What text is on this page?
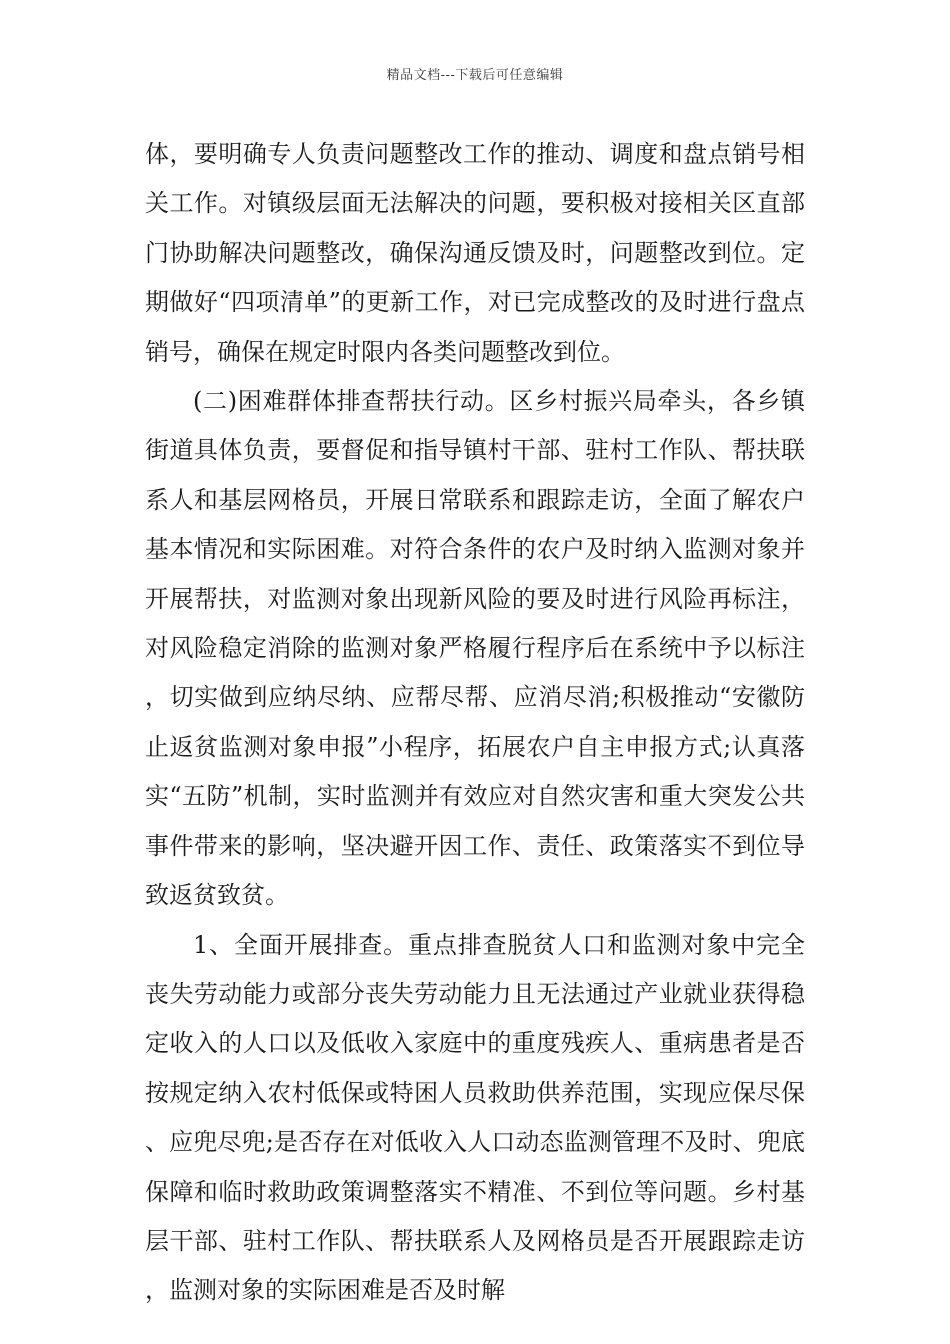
精品文档---下载后可任意编辑

体，要明确专人负责问题整改工作的推动、调度和盘点销号相关工作。对镇级层面无法解决的问题，要积极对接相关区直部门协助解决问题整改，确保沟通反馈及时，问题整改到位。定期做好“四项清单”的更新工作，对已完成整改的及时进行盘点销号，确保在规定时限内各类问题整改到位。

(二)困难群体排查帮扶行动。区乡村振兴局牵头，各乡镇街道具体负责，要督促和指导镇村干部、驻村工作队、帮扶联系人和基层网格员，开展日常联系和跟踪走访，全面了解农户基本情况和实际困难。对符合条件的农户及时纳入监测对象并开展帮扶，对监测对象出现新风险的要及时进行风险再标注，对风险稳定消除的监测对象严格履行程序后在系统中予以标注，切实做到应纳尽纳、应帮尽帮、应消尽消;积极推动“安徽防止返贫监测对象申报”小程序，拓展农户自主申报方式;认真落实“五防”机制，实时监测并有效应对自然灾害和重大突发公共事件带来的影响，坚决避开因工作、责任、政策落实不到位导致返贫致贫。

1、全面开展排查。重点排查脱贫人口和监测对象中完全丧失劳动能力或部分丧失劳动能力且无法通过产业就业获得稳定收入的人口以及低收入家庭中的重度残疾人、重病患者是否按规定纳入农村低保或特困人员救助供养范围，实现应保尽保、应兜尽兜;是否存在对低收入人口动态监测管理不及时、兜底保障和临时救助政策调整落实不精准、不到位等问题。乡村基层干部、驻村工作队、帮扶联系人及网格员是否开展跟踪走访，监测对象的实际困难是否及时解
